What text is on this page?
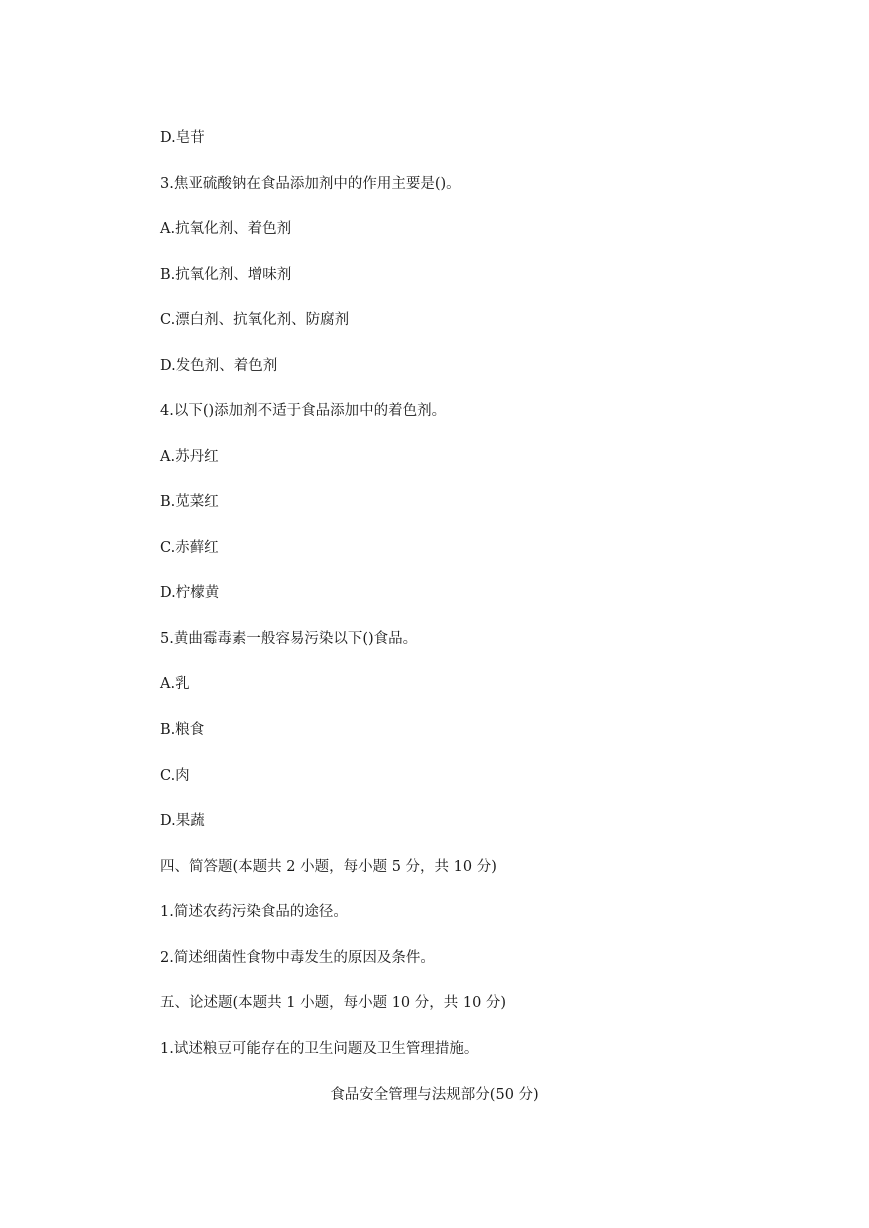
D.皂苷
3.焦亚硫酸钠在食品添加剂中的作用主要是()。
A.抗氧化剂、着色剂
B.抗氧化剂、增味剂
C.漂白剂、抗氧化剂、防腐剂
D.发色剂、着色剂
4.以下()添加剂不适于食品添加中的着色剂。
A.苏丹红
B.苋菜红
C.赤藓红
D.柠檬黄
5.黄曲霉毒素一般容易污染以下()食品。
A.乳
B.粮食
C.肉
D.果蔬
四、简答题(本题共 2 小题，每小题 5 分，共 10 分)
1.简述农药污染食品的途径。
2.简述细菌性食物中毒发生的原因及条件。
五、论述题(本题共 1 小题，每小题 10 分，共 10 分)
1.试述粮豆可能存在的卫生问题及卫生管理措施。
食品安全管理与法规部分(50 分)
